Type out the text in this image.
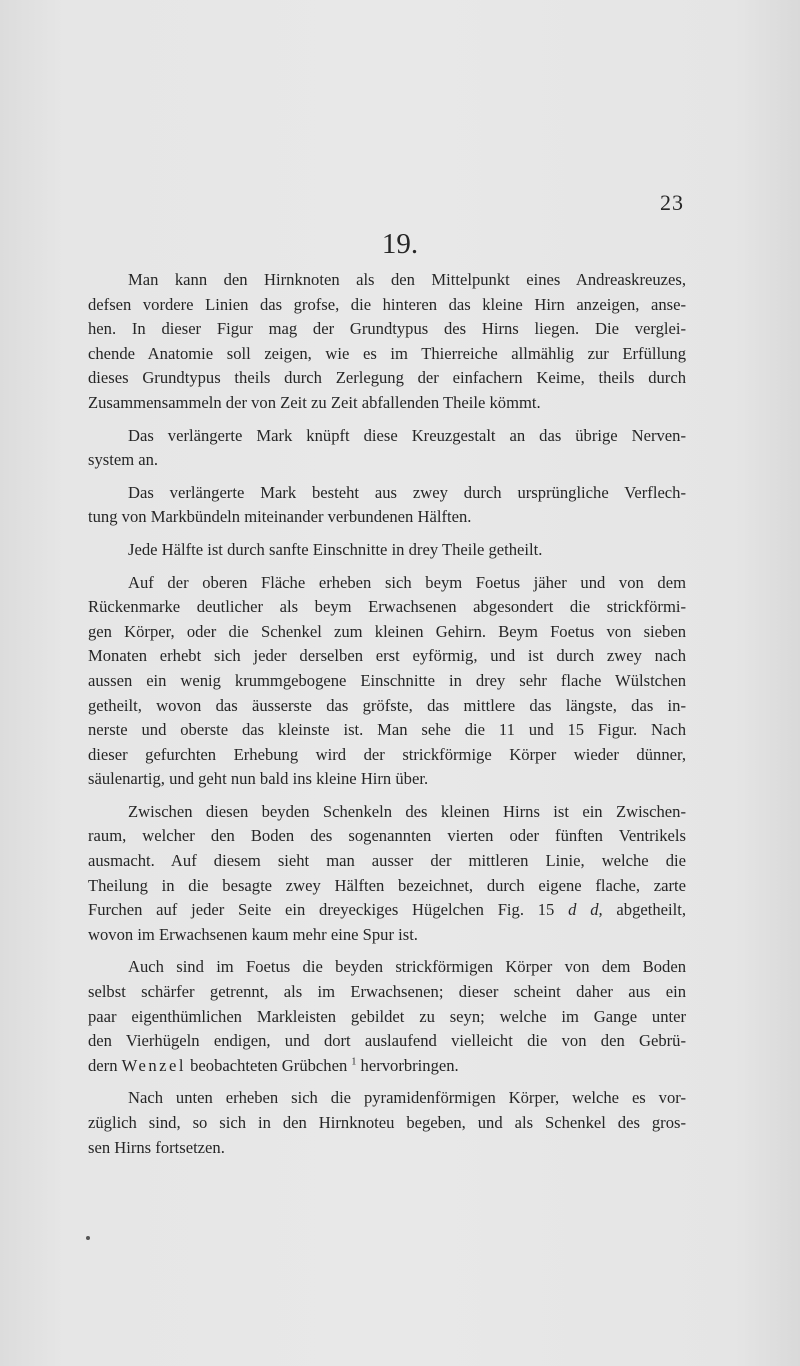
23
19.

Man kann den Hirnknoten als den Mittelpunkt eines Andreaskreuzes,
defsen vordere Linien das grofse, die hinteren das kleine Hirn anzeigen, anse-
hen. In dieser Figur mag der Grundtypus des Hirns liegen. Die verglei-
chende Anatomie soll zeigen, wie es im Thierreiche allmählig zur Erfüllung
dieses Grundtypus theils durch Zerlegung der einfachern Keime, theils durch
Zusammensammeln der von Zeit zu Zeit abfallenden Theile kömmt.

Das verlängerte Mark knüpft diese Kreuzgestalt an das übrige Nerven-
system an.

Das verlängerte Mark besteht aus zwey durch ursprüngliche Verflech-
tung von Markbündeln miteinander verbundenen Hälften.

Jede Hälfte ist durch sanfte Einschnitte in drey Theile getheilt.

Auf der oberen Fläche erheben sich beym Foetus jäher und von dem
Rückenmarke deutlicher als beym Erwachsenen abgesondert die strickförmi-
gen Körper, oder die Schenkel zum kleinen Gehirn. Beym Foetus von sieben
Monaten erhebt sich jeder derselben erst eyförmig, und ist durch zwey nach
aussen ein wenig krummgebogene Einschnitte in drey sehr flache Wülstchen
getheilt, wovon das äusserste das gröfste, das mittlere das längste, das in-
nerste und oberste das kleinste ist. Man sehe die 11 und 15 Figur. Nach
dieser gefurchten Erhebung wird der strickförmige Körper wieder dünner,
säulenartig, und geht nun bald ins kleine Hirn über.

Zwischen diesen beyden Schenkeln des kleinen Hirns ist ein Zwischen-
raum, welcher den Boden des sogenannten vierten oder fünften Ventrikels
ausmacht. Auf diesem sieht man ausser der mittleren Linie, welche die
Theilung in die besagte zwey Hälften bezeichnet, durch eigene flache, zarte
Furchen auf jeder Seite ein dreyeckiges Hügelchen Fig. 15 d d, abgetheilt,
wovon im Erwachsenen kaum mehr eine Spur ist.

Auch sind im Foetus die beyden strickförmigen Körper von dem Boden
selbst schärfer getrennt, als im Erwachsenen; dieser scheint daher aus ein
paar eigenthümlichen Markleisten gebildet zu seyn; welche im Gange unter
den Vierhügeln endigen, und dort auslaufend vielleicht die von den Gebrü-
dern Wenzel beobachteten Grübchen $^1$ hervorbringen.

Nach unten erheben sich die pyramidenförmigen Körper, welche es vor-
züglich sind, so sich in den Hirnknoteu begeben, und als Schenkel des gros-
sen Hirns fortsetzen.
